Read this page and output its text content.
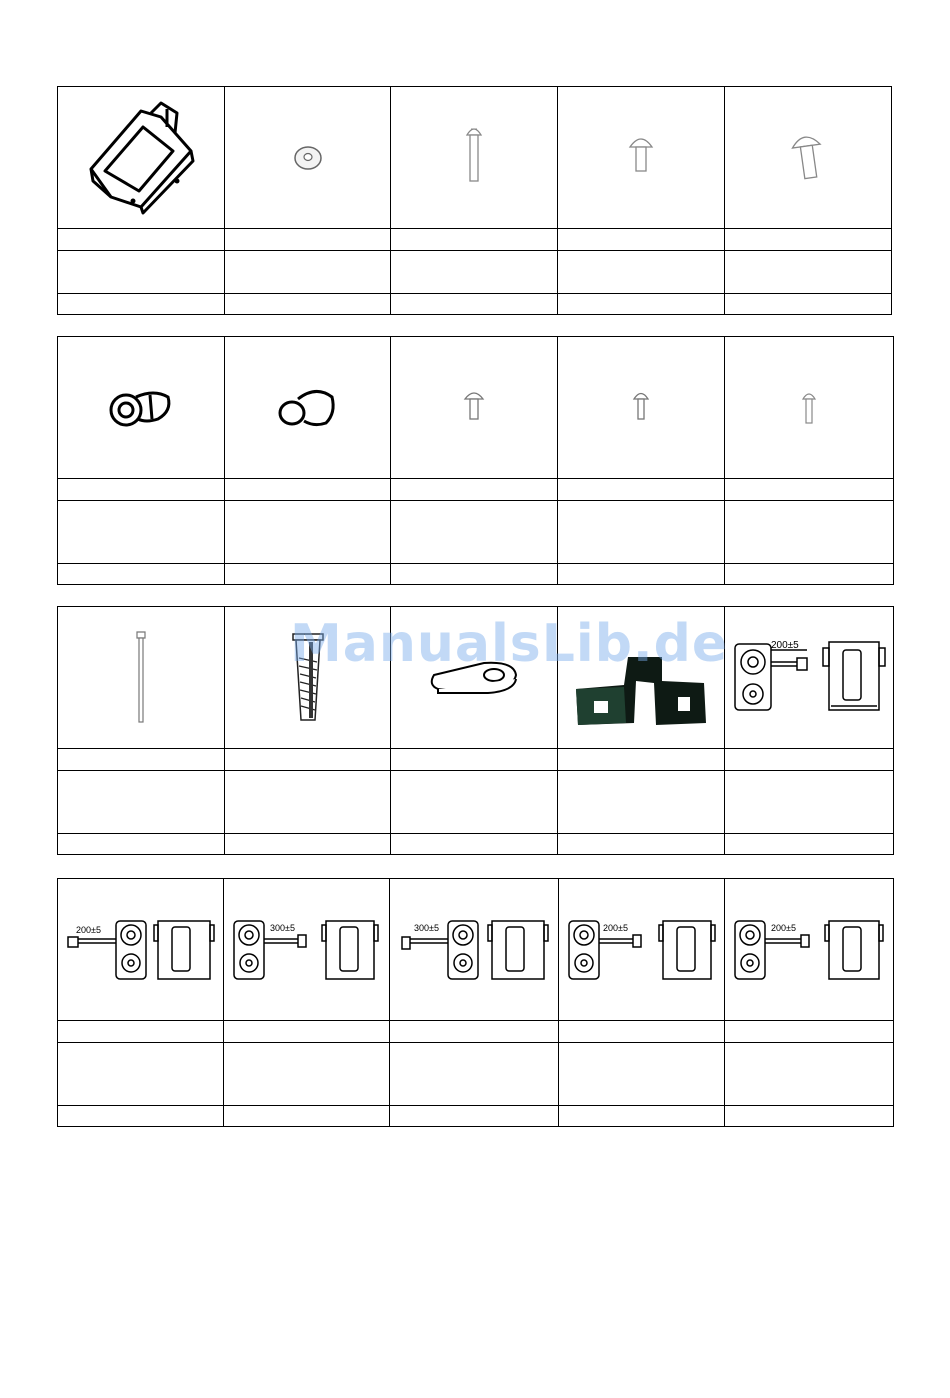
200±5

200±5	300±5	300±5	200±5	200±5

ManualsLib.de
